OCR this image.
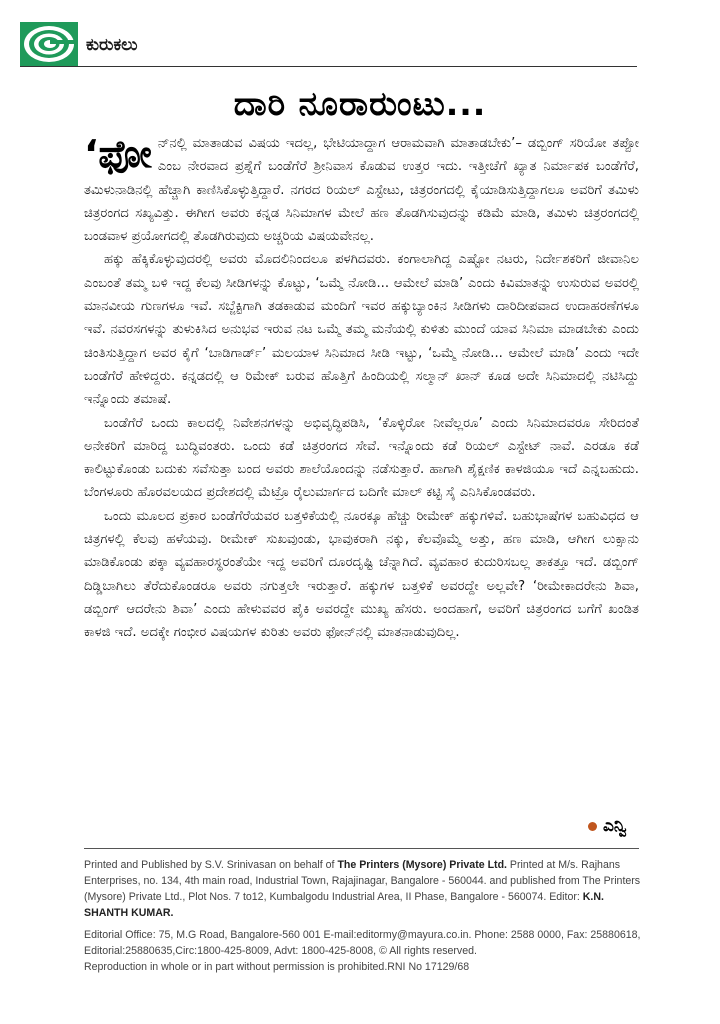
ಕುರುಕಲು
ದಾರಿ ನೂರಾರುಂಟು...

‘ಫೋನ್‌ನಲ್ಲಿ ಮಾತಾಡುವ ವಿಷಯ ಇದಲ್ಲ, ಭೇಟಿಯಾದ್ದಾಗ ಆರಾಮವಾಗಿ ಮಾತಾಡಬೇಕು’– ಡಬ್ಬಿಂಗ್ ಸರಿಯೋ ತಪ್ಪೋ ಎಂಬ ನೇರವಾದ ಪ್ರಶ್ನೆಗೆ ಬಂಡೆಗೆರೆ ಶ್ರೀನಿವಾಸ ಕೊಡುವ ಉತ್ತರ ಇದು. ಇತ್ತೀಚೆಗೆ ಖ್ಯಾತ ನಿರ್ಮಾಪಕ ಬಂಡೆಗೆರೆ, ತಮಿಳುನಾಡಿನಲ್ಲಿ ಹೆಚ್ಚಾಗಿ ಕಾಣಿಸಿಕೊಳ್ಳುತ್ತಿದ್ದಾರೆ. ನಗರದ ರಿಯಲ್ ಎಸ್ಟೇಟು, ಚಿತ್ರರಂಗದಲ್ಲಿ ಕೈಯಾಡಿಸುತ್ತಿದ್ದಾಗಲೂ ಅವರಿಗೆ ತಮಿಳು ಚಿತ್ರರಂಗದ ಸಖ್ಯವಿತ್ತು. ಈಗೀಗ ಅವರು ಕನ್ನಡ ಸಿನಿಮಾಗಳ ಮೇಲೆ ಹಣ ತೊಡಗಿಸುವುದನ್ನು ಕಡಿಮೆ ಮಾಡಿ, ತಮಿಳು ಚಿತ್ರರಂಗದಲ್ಲಿ ಬಂಡವಾಳ ಪ್ರಯೋಗದಲ್ಲಿ ತೊಡಗಿರುವುದು ಅಚ್ಚರಿಯ ವಿಷಯವೇನಲ್ಲ.

ಹಕ್ಕು ಹೆಕ್ಕಿಕೊಳ್ಳುವುದರಲ್ಲಿ ಅವರು ಮೊದಲಿನಿಂದಲೂ ಪಳಗಿದವರು. ಕಂಗಾಲಾಗಿದ್ದ ಎಷ್ಟೋ ನಟರು, ನಿರ್ದೇಶಕರಿಗೆ ಜೀವಾನಿಲ ಎಂಬಂತೆ ತಮ್ಮ ಬಳಿ ಇದ್ದ ಕೆಲವು ಸೀಡಿಗಳನ್ನು ಕೊಟ್ಟು, ‘ಒಮ್ಮೆ ನೋಡಿ... ಆಮೇಲೆ ಮಾಡಿ’ ಎಂದು ಕಿವಿಮಾತನ್ನು ಉಸುರುವ ಅವರಲ್ಲಿ ಮಾನವೀಯ ಗುಣಗಳೂ ಇವೆ. ಸಬ್ಜೆಕ್ಟಿಗಾಗಿ ತಡಕಾಡುವ ಮಂದಿಗೆ ಇವರ ಹಕ್ಕುಬ್ಯಾಂಕಿನ ಸೀಡಿಗಳು ದಾರಿದೀಪವಾದ ಉದಾಹರಣೆಗಳೂ ಇವೆ. ನವರಸಗಳನ್ನು ತುಳುಕಿಸಿದ ಅನುಭವ ಇರುವ ನಟ ಒಮ್ಮೆ ತಮ್ಮ ಮನೆಯಲ್ಲಿ ಕುಳಿತು ಮುಂದೆ ಯಾವ ಸಿನಿಮಾ ಮಾಡಬೇಕು ಎಂದು ಚಿಂತಿಸುತ್ತಿದ್ದಾಗ ಅವರ ಕೈಗೆ ‘ಬಾಡಿಗಾರ್ಡ್’ ಮಲಯಾಳ ಸಿನಿಮಾದ ಸೀಡಿ ಇಟ್ಟು, ‘ಒಮ್ಮೆ ನೋಡಿ... ಆಮೇಲೆ ಮಾಡಿ’ ಎಂದು ಇದೇ ಬಂಡೆಗೆರೆ ಹೇಳಿದ್ದರು. ಕನ್ನಡದಲ್ಲಿ ಆ ರಿಮೇಕ್ ಬರುವ ಹೊತ್ತಿಗೆ ಹಿಂದಿಯಲ್ಲಿ ಸಲ್ಮಾನ್ ಖಾನ್ ಕೂಡ ಅದೇ ಸಿನಿಮಾದಲ್ಲಿ ನಟಿಸಿದ್ದು ಇನ್ನೊಂದು ತಮಾಷೆ.

ಬಂಡೆಗೆರೆ ಒಂದು ಕಾಲದಲ್ಲಿ ನಿವೇಶನಗಳನ್ನು ಅಭಿವೃದ್ಧಿಪಡಿಸಿ, ‘ಕೊಳ್ಳಿರೋ ನೀವೆಲ್ಲರೂ’ ಎಂದು ಸಿನಿಮಾದವರೂ ಸೇರಿದಂತೆ ಅನೇಕರಿಗೆ ಮಾರಿದ್ದ ಬುದ್ಧಿವಂತರು. ಒಂದು ಕಡೆ ಚಿತ್ರರಂಗದ ಸೇವೆ. ಇನ್ನೊಂದು ಕಡೆ ರಿಯಲ್ ಎಸ್ಟೇಟ್ ನಾವೆ. ಎರಡೂ ಕಡೆ ಕಾಲಿಟ್ಟುಕೊಂಡು ಬದುಕು ಸವೆಸುತ್ತಾ ಬಂದ ಅವರು ಶಾಲೆಯೊಂದನ್ನು ನಡೆಸುತ್ತಾರೆ. ಹಾಗಾಗಿ ಶೈಕ್ಷಣಿಕ ಕಾಳಜಿಯೂ ಇದೆ ಎನ್ನಬಹುದು. ಬೆಂಗಳೂರು ಹೊರವಲಯದ ಪ್ರದೇಶದಲ್ಲಿ ಮೆಟ್ರೊ ರೈಲುಮಾರ್ಗದ ಬದಿಗೇ ಮಾಲ್ ಕಟ್ಟಿ ಸೈ ಎನಿಸಿಕೊಂಡವರು.

ಒಂದು ಮೂಲದ ಪ್ರಕಾರ ಬಂಡೆಗೆರೆಯವರ ಬತ್ತಳಿಕೆಯಲ್ಲಿ ನೂರಕ್ಕೂ ಹೆಚ್ಚು ರೀಮೇಕ್ ಹಕ್ಕುಗಳಿವೆ. ಬಹುಭಾಷೆಗಳ ಬಹುವಿಧದ ಆ ಚಿತ್ರಗಳಲ್ಲಿ ಕೆಲವು ಹಳೆಯವು. ರೀಮೇಕ್ ಸುಖವುಂಡು, ಭಾವುಕರಾಗಿ ನಕ್ಕು, ಕೆಲವೊಮ್ಮೆ ಅತ್ತು, ಹಣ ಮಾಡಿ, ಆಗೀಗ ಲುಕ್ಸಾನು ಮಾಡಿಕೊಂಡು ಪಕ್ಕಾ ವ್ಯವಹಾರಸ್ಥರಂತೆಯೇ ಇದ್ದ ಅವರಿಗೆ ದೂರದೃಷ್ಟಿ ಚೆನ್ನಾಗಿದೆ. ವ್ಯವಹಾರ ಕುದುರಿಸಬಲ್ಲ ತಾಕತ್ತೂ ಇದೆ. ಡಬ್ಬಿಂಗ್ ದಿಡ್ಡಿಬಾಗಿಲು ತೆರೆದುಕೊಂಡರೂ ಅವರು ನಗುತ್ತಲೇ ಇರುತ್ತಾರೆ. ಹಕ್ಕುಗಳ ಬತ್ತಳಿಕೆ ಅವರದ್ದೇ ಅಲ್ಲವೇ? ‘ರೀಮೇಕಾದರೇನು ಶಿವಾ, ಡಬ್ಬಿಂಗ್ ಆದರೇನು ಶಿವಾ’ ಎಂದು ಹೇಳುವವರ ಪೈಕಿ ಅವರದ್ದೇ ಮುಖ್ಯ ಹೆಸರು. ಅಂದಹಾಗೆ, ಅವರಿಗೆ ಚಿತ್ರರಂಗದ ಬಗೆಗೆ ಖಂಡಿತ ಕಾಳಜಿ ಇದೆ. ಅದಕ್ಕೇ ಗಂಭೀರ ವಿಷಯಗಳ ಕುರಿತು ಅವರು ಫೋನ್‌ನಲ್ಲಿ ಮಾತನಾಡುವುದಿಲ್ಲ.

ಎನ್ವಿ

Printed and Published by S.V. Srinivasan on behalf of The Printers (Mysore) Private Ltd. Printed at M/s. Rajhans Enterprises, no. 134, 4th main road, Industrial Town, Rajajinagar, Bangalore - 560044. and published from The Printers (Mysore) Private Ltd., Plot Nos. 7 to12, Kumbalgodu Industrial Area, II Phase, Bangalore - 560074. Editor: K.N. SHANTH KUMAR.

Editorial Office: 75, M.G Road, Bangalore-560 001 E-mail:editormy@mayura.co.in. Phone: 2588 0000, Fax: 25880618, Editorial:25880635,Circ:1800-425-8009, Advt: 1800-425-8008, © All rights reserved.

Reproduction in whole or in part without permission is prohibited.RNI No 17129/68
